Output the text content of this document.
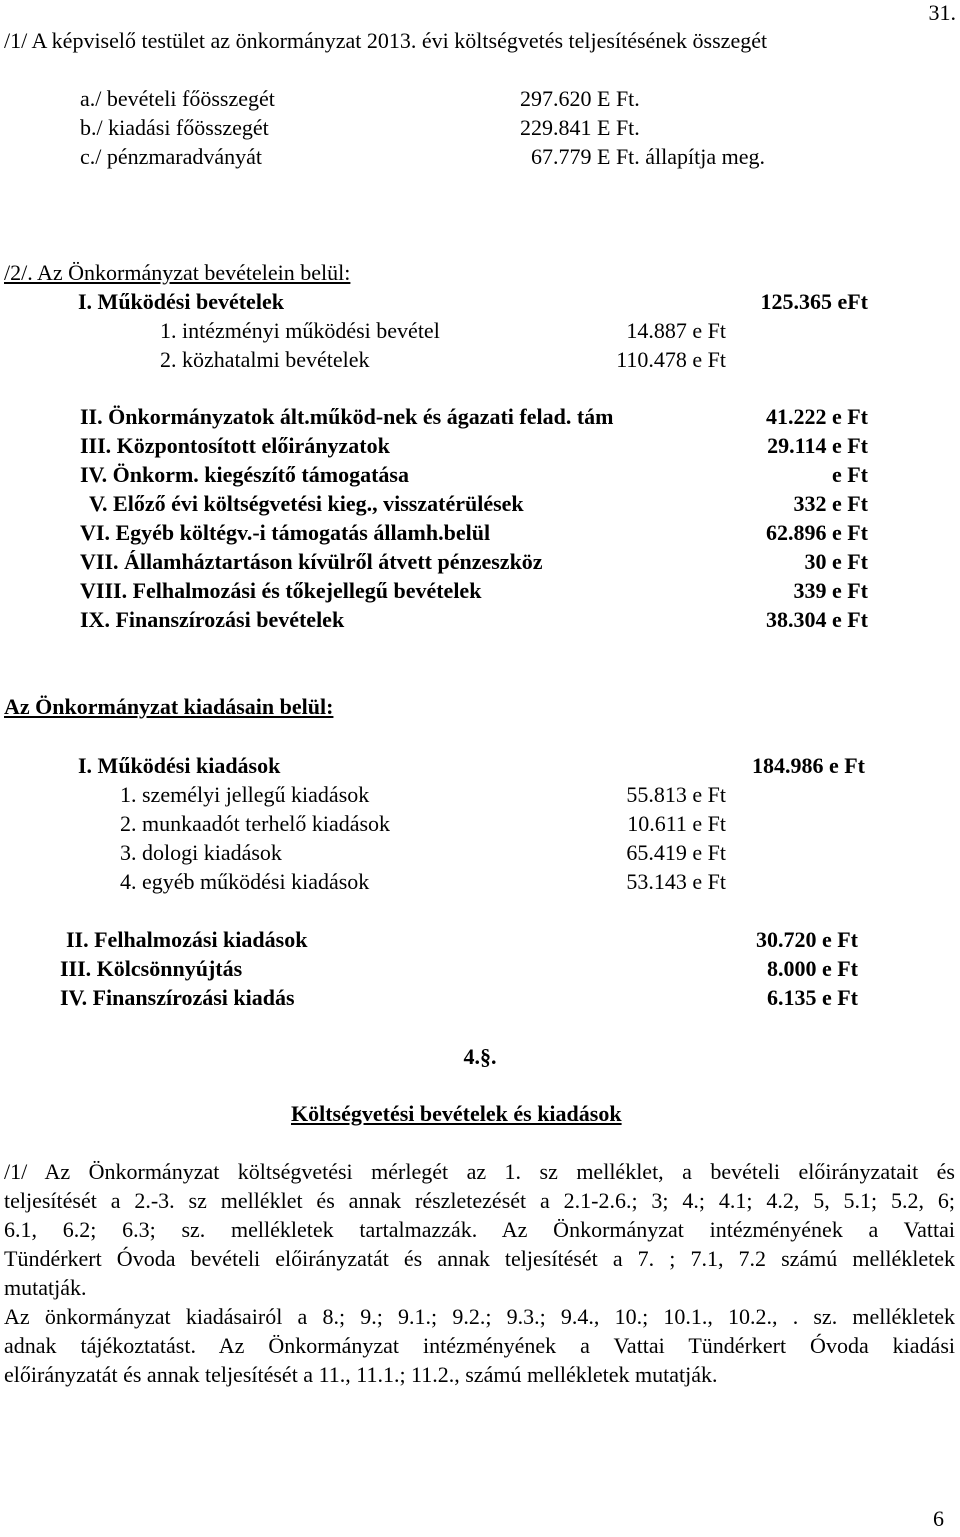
31.
/1/ A képviselő testület az önkormányzat 2013. évi költségvetés teljesítésének összegét
a./ bevételi főösszegét	297.620 E Ft.
b./ kiadási főösszegét	229.841 E Ft.
c./ pénzmaradványát	67.779 E Ft. állapítja meg.
/2/. Az Önkormányzat bevételein belül:
I. Működési bevételek	125.365 eFt
1. intézményi működési bevétel	14.887 e Ft
2. közhatalmi bevételek	110.478 e Ft
II. Önkormányzatok ált.működ-nek és ágazati felad. tám	41.222 e Ft
III. Központosított előirányzatok	29.114 e Ft
IV. Önkorm. kiegészítő támogatása	e Ft
V. Előző évi költségvetési kieg., visszatérülések	332 e Ft
VI. Egyéb költégv.-i támogatás államh.belül	62.896 e Ft
VII. Államháztartáson kívülről átvett pénzeszköz	30 e Ft
VIII. Felhalmozási és tőkejellegű bevételek	339 e Ft
IX. Finanszírozási bevételek	38.304 e Ft
Az Önkormányzat kiadásain belül:
I. Működési kiadások	184.986 e Ft
1. személyi jellegű kiadások	55.813 e Ft
2. munkaadót terhelő kiadások	10.611 e Ft
3. dologi kiadások	65.419 e Ft
4. egyéb működési kiadások	53.143 e Ft
II. Felhalmozási kiadások	30.720 e Ft
III. Kölcsönnyújtás	8.000 e Ft
IV. Finanszírozási kiadás	6.135 e Ft
4.§.
Költségvetési bevételek és kiadások
/1/ Az Önkormányzat költségvetési mérlegét az 1. sz melléklet, a bevételi előirányzatait és
teljesítését a 2.-3. sz melléklet és annak részletezését a 2.1-2.6.; 3; 4.; 4.1; 4.2, 5, 5.1; 5.2, 6;
6.1, 6.2; 6.3; sz. mellékletek tartalmazzák. Az Önkormányzat intézményének a Vattai
Tündérkert Óvoda bevételi előirányzatát és annak teljesítését a 7. ; 7.1, 7.2 számú mellékletek
mutatják.
Az önkormányzat kiadásairól a 8.; 9.; 9.1.; 9.2.; 9.3.; 9.4., 10.; 10.1., 10.2., . sz. mellékletek
adnak tájékoztatást. Az Önkormányzat intézményének a Vattai Tündérkert Óvoda kiadási
előirányzatát és annak teljesítését a 11., 11.1.; 11.2., számú mellékletek mutatják.
6
